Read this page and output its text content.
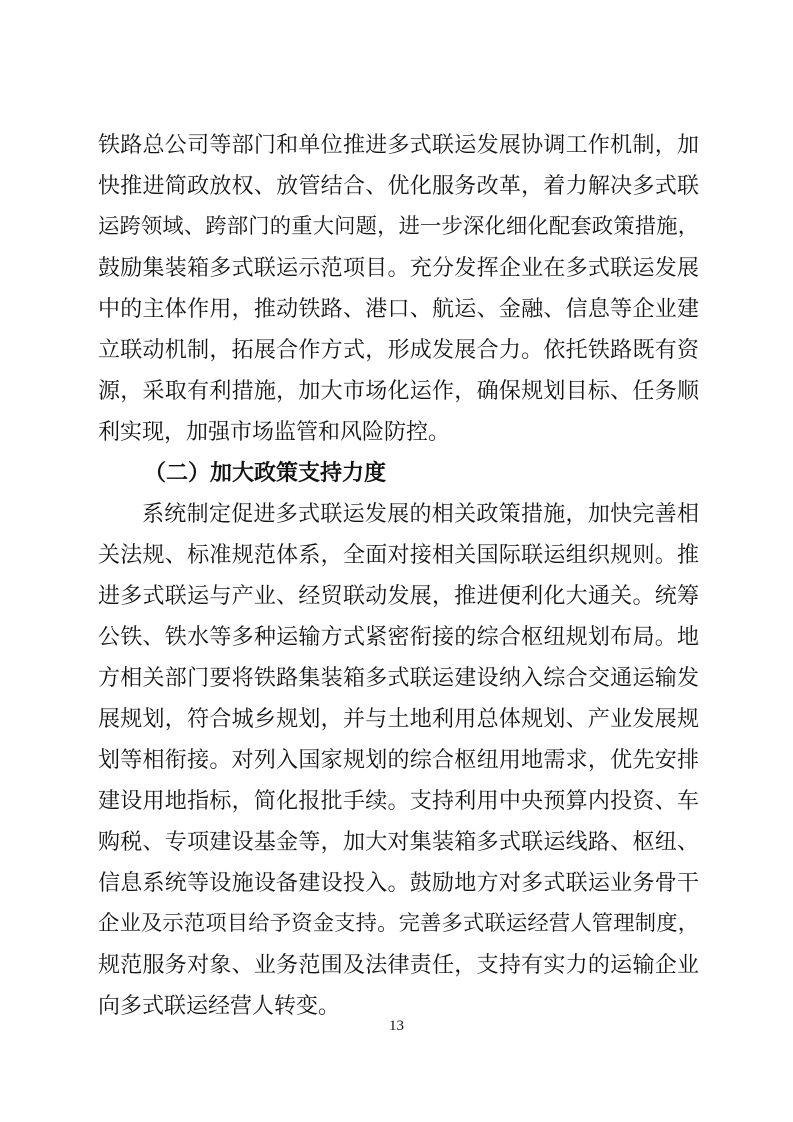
铁路总公司等部门和单位推进多式联运发展协调工作机制，加

快推进简政放权、放管结合、优化服务改革，着力解决多式联

运跨领域、跨部门的重大问题，进一步深化细化配套政策措施，

鼓励集装箱多式联运示范项目。充分发挥企业在多式联运发展

中的主体作用，推动铁路、港口、航运、金融、信息等企业建

立联动机制，拓展合作方式，形成发展合力。依托铁路既有资

源，采取有利措施，加大市场化运作，确保规划目标、任务顺

利实现，加强市场监管和风险防控。

（二）加大政策支持力度

系统制定促进多式联运发展的相关政策措施，加快完善相

关法规、标准规范体系，全面对接相关国际联运组织规则。推

进多式联运与产业、经贸联动发展，推进便利化大通关。统筹

公铁、铁水等多种运输方式紧密衔接的综合枢纽规划布局。地

方相关部门要将铁路集装箱多式联运建设纳入综合交通运输发

展规划，符合城乡规划，并与土地利用总体规划、产业发展规

划等相衔接。对列入国家规划的综合枢纽用地需求，优先安排

建设用地指标，简化报批手续。支持利用中央预算内投资、车

购税、专项建设基金等，加大对集装箱多式联运线路、枢纽、

信息系统等设施设备建设投入。鼓励地方对多式联运业务骨干

企业及示范项目给予资金支持。完善多式联运经营人管理制度，

规范服务对象、业务范围及法律责任，支持有实力的运输企业

向多式联运经营人转变。

13
